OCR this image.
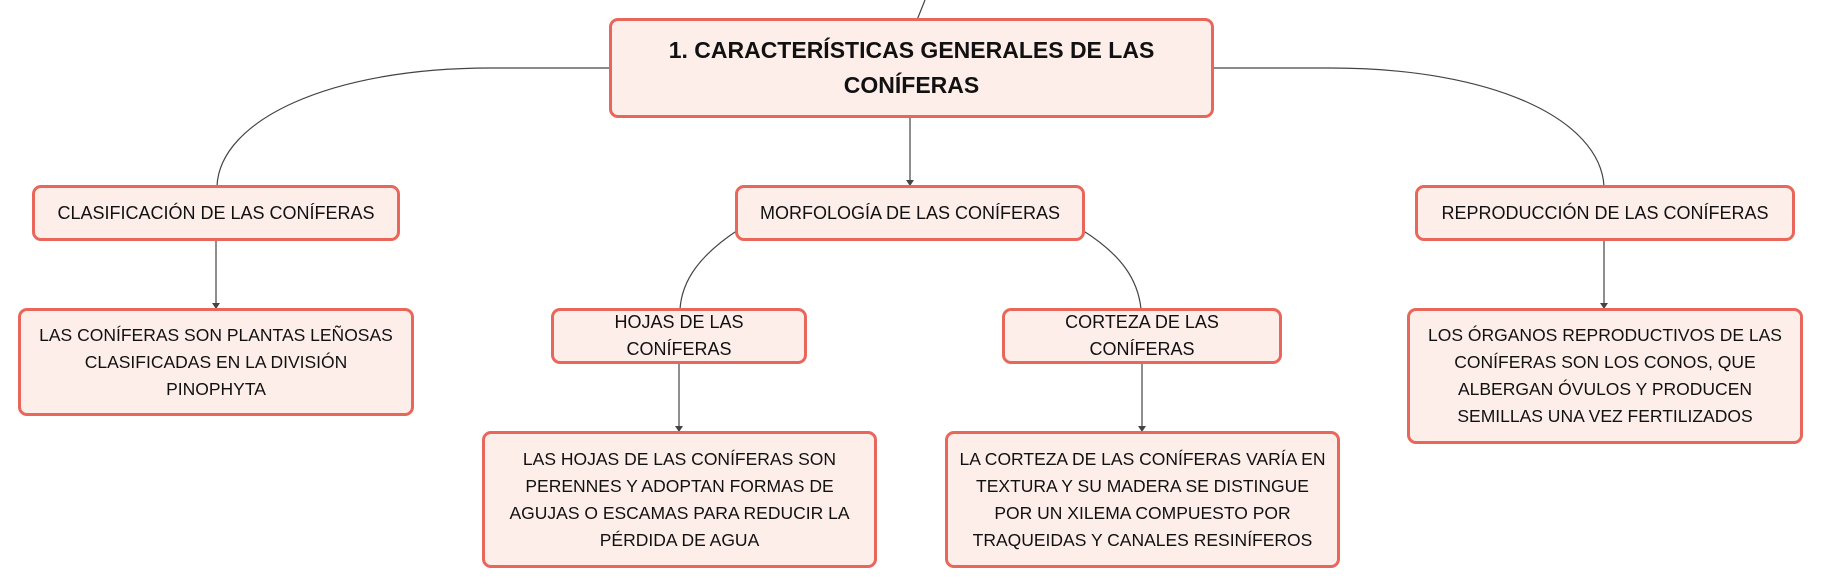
1. CARACTERÍSTICAS GENERALES DE LAS CONÍFERAS
CLASIFICACIÓN DE LAS CONÍFERAS	MORFOLOGÍA DE LAS CONÍFERAS	REPRODUCCIÓN DE LAS CONÍFERAS
LAS CONÍFERAS SON PLANTAS LEÑOSAS CLASIFICADAS EN LA DIVISIÓN PINOPHYTA
HOJAS DE LAS CONÍFERAS
CORTEZA DE LAS CONÍFERAS
LOS ÓRGANOS REPRODUCTIVOS DE LAS CONÍFERAS SON LOS CONOS, QUE ALBERGAN ÓVULOS Y PRODUCEN SEMILLAS UNA VEZ FERTILIZADOS
LAS HOJAS DE LAS CONÍFERAS SON PERENNES Y ADOPTAN FORMAS DE AGUJAS O ESCAMAS PARA REDUCIR LA PÉRDIDA DE AGUA
LA CORTEZA DE LAS CONÍFERAS VARÍA EN TEXTURA Y SU MADERA SE DISTINGUE POR UN XILEMA COMPUESTO POR TRAQUEIDAS Y CANALES RESINÍFEROS
